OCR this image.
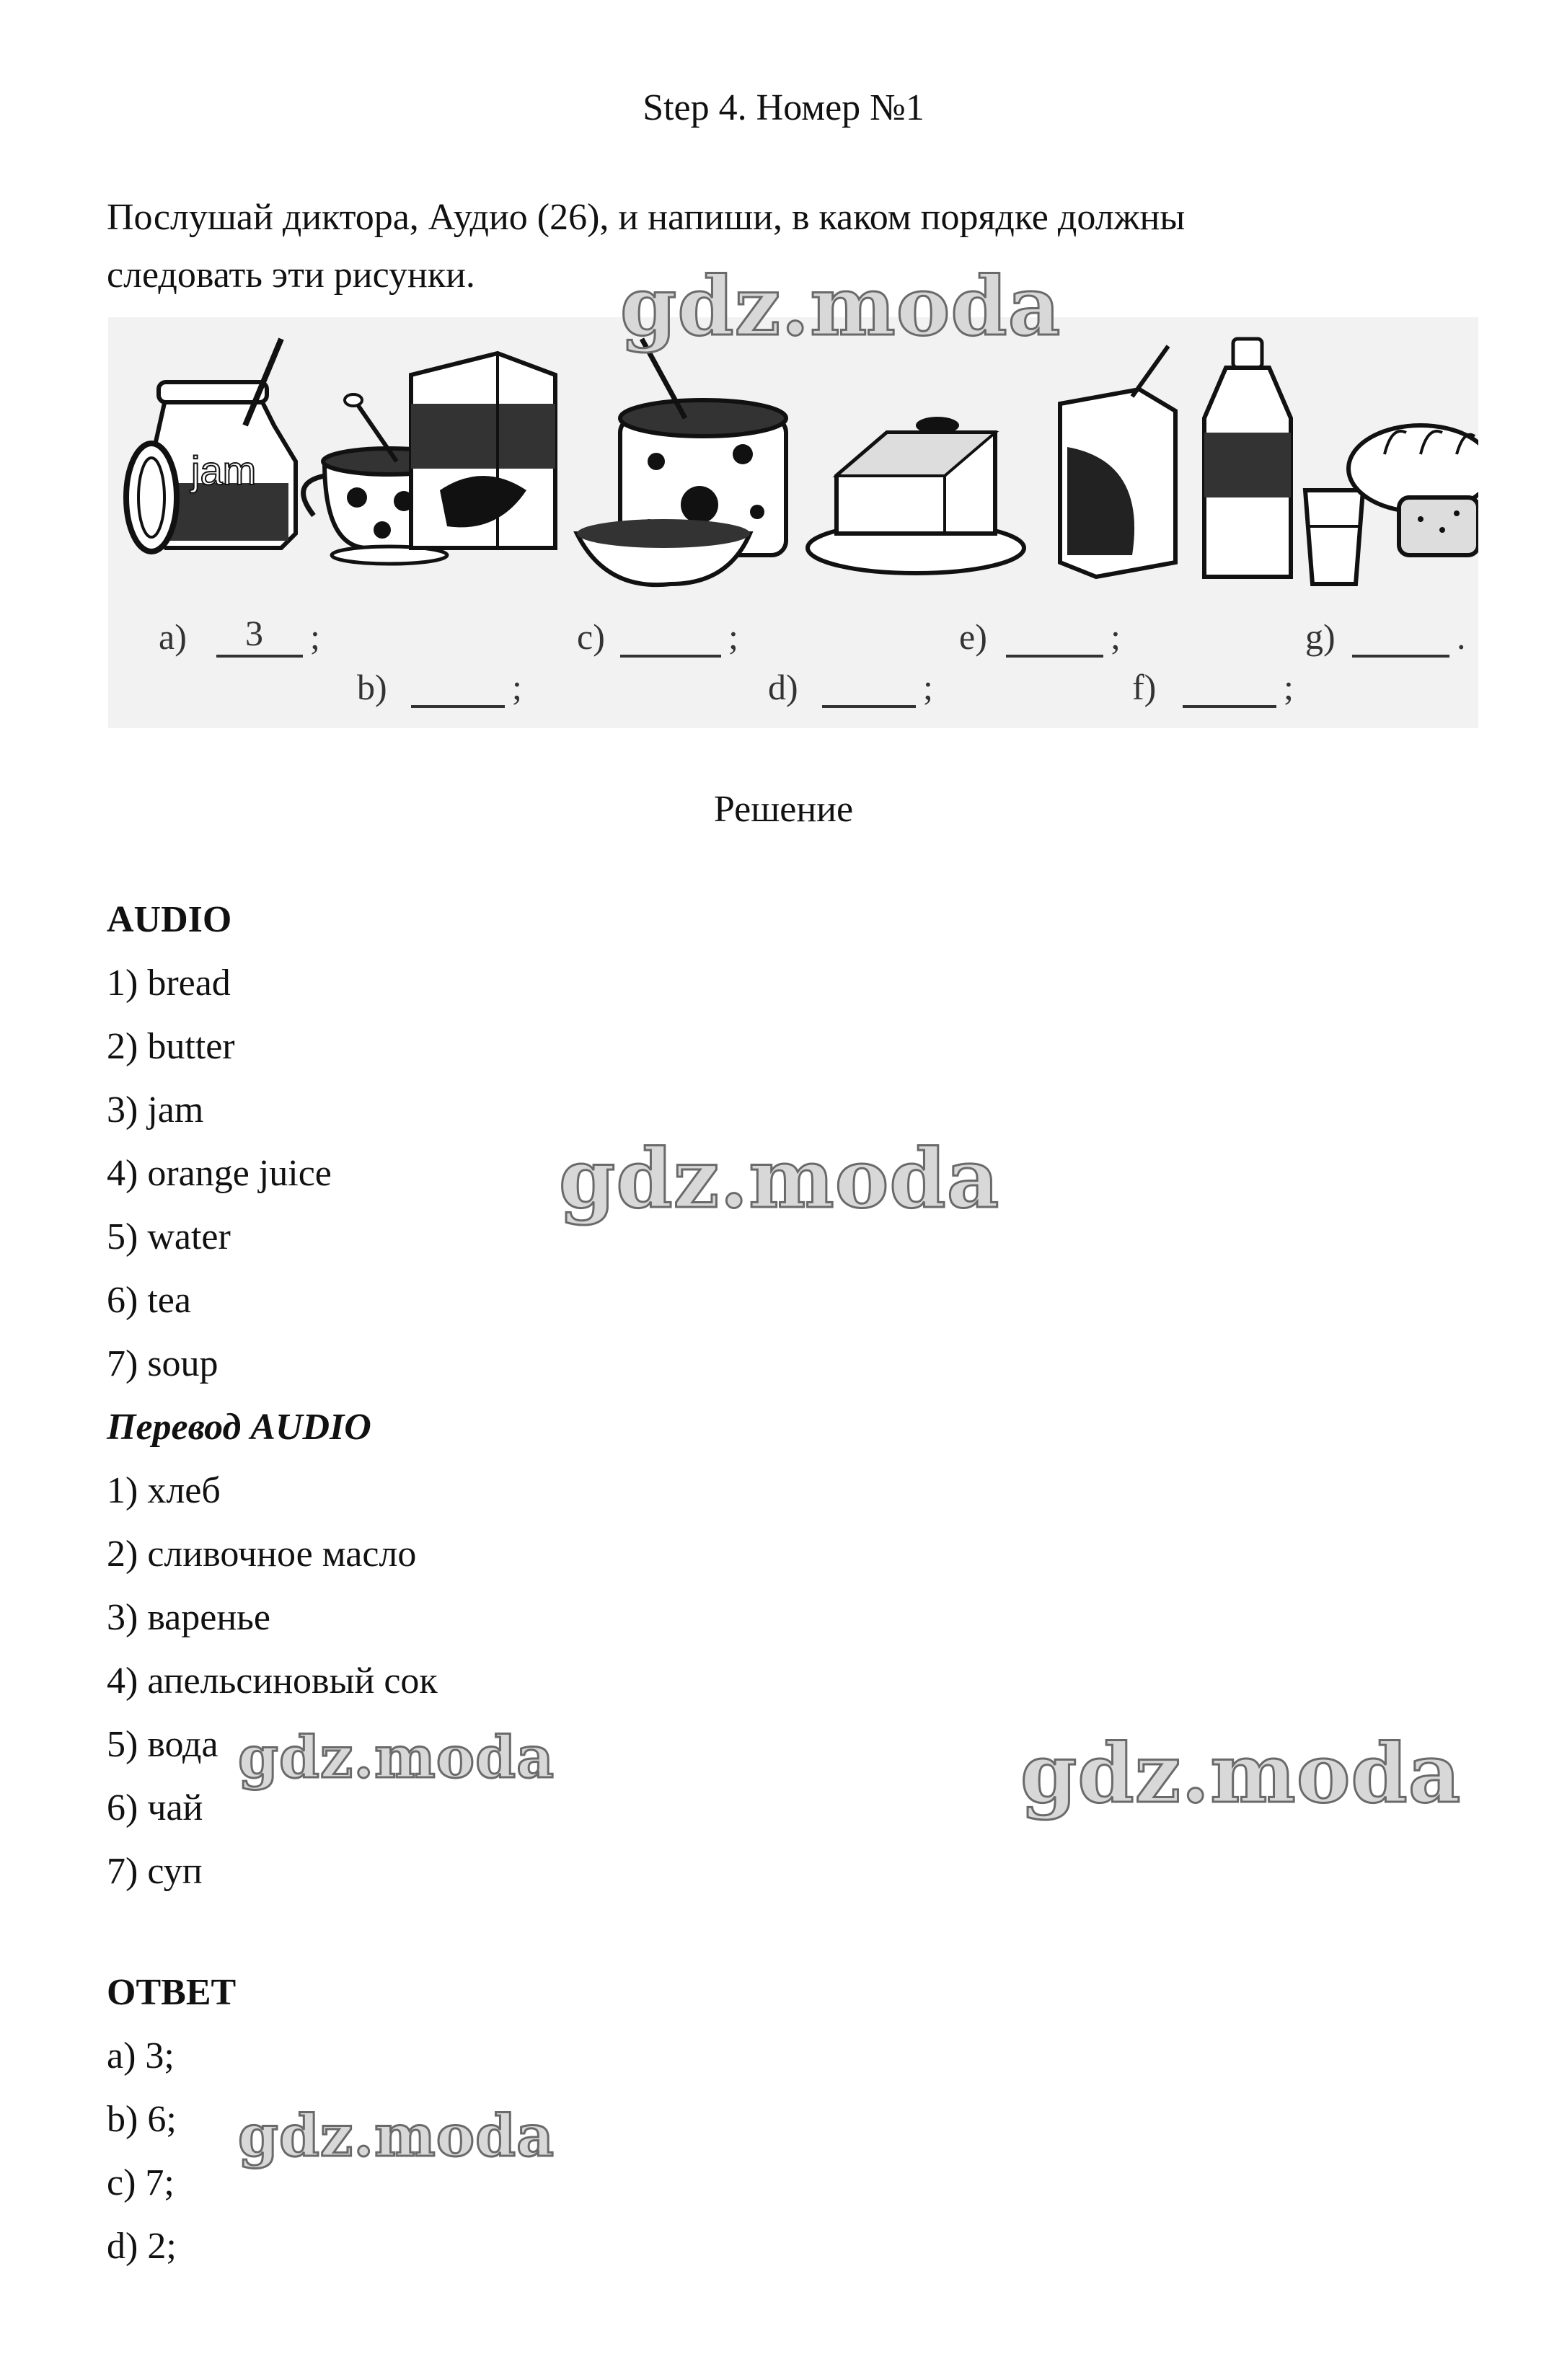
Step 4. Номер №1
Послушай диктора, Аудио (26), и напиши, в каком порядке должны
следовать эти рисунки.
jam
a) 3 ;	c)	;	e)	;	g)	.
b)	;	d)	;	f)	;
Решение
AUDIO
1) bread
2) butter
3) jam
4) orange juice
5) water
6) tea
7) soup
Перевод AUDIO
1) хлеб
2) сливочное масло
3) варенье
4) апельсиновый сок
5) вода
6) чай
7) суп
ОТВЕТ
a) 3;
b) 6;
c) 7;
d) 2;
gdz.moda
gdz.moda
gdz.moda	gdz.moda
gdz.moda
